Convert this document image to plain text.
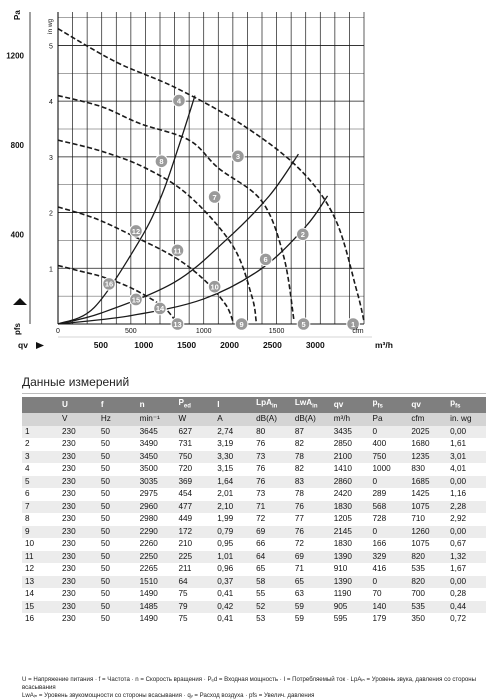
1
2
3
4
5
6
7
8
9
10
11
12
13
14
15
16
1
2
3
4
5
in wg
400
800
1200
Pa
pfs	0	500	1000	1500	cfm
qv	500	1000	1500	2000	2500	3000	m³/h
Данные измерений
	U	f	n	$P_{ed}$	I	LpA$_{in}$	LwA$_{in}$	qv	$p_{fs}$	qv	$p_{fs}$
	V	Hz	min⁻¹	W	A	dB(A)	dB(A)	m³/h	Pa	cfm	in. wg
1	230	50	3645	627	2,74	80	87	3435	0	2025	0,00
2	230	50	3490	731	3,19	76	82	2850	400	1680	1,61
3	230	50	3450	750	3,30	73	78	2100	750	1235	3,01
4	230	50	3500	720	3,15	76	82	1410	1000	830	4,01
5	230	50	3035	369	1,64	76	83	2860	0	1685	0,00
6	230	50	2975	454	2,01	73	78	2420	289	1425	1,16
7	230	50	2960	477	2,10	71	76	1830	568	1075	2,28
8	230	50	2980	449	1,99	72	77	1205	728	710	2,92
9	230	50	2290	172	0,79	69	76	2145	0	1260	0,00
10	230	50	2260	210	0,95	66	72	1830	166	1075	0,67
11	230	50	2250	225	1,01	64	69	1390	329	820	1,32
12	230	50	2265	211	0,96	65	71	910	416	535	1,67
13	230	50	1510	64	0,37	58	65	1390	0	820	0,00
14	230	50	1490	75	0,41	55	63	1190	70	700	0,28
15	230	50	1485	79	0,42	52	59	905	140	535	0,44
16	230	50	1490	75	0,41	53	59	595	179	350	0,72
U = Напряжение питания · f = Частота · n = Скорость вращения · Pₑd = Входная мощность · I = Потребляемый ток · LpAᵢₙ = Уровень звука, давления со стороны всасывания
LwAᵢₙ = Уровень звукомощности со стороны всасывания · qᵥ = Расход воздуха · pfs = Увелич. давления
